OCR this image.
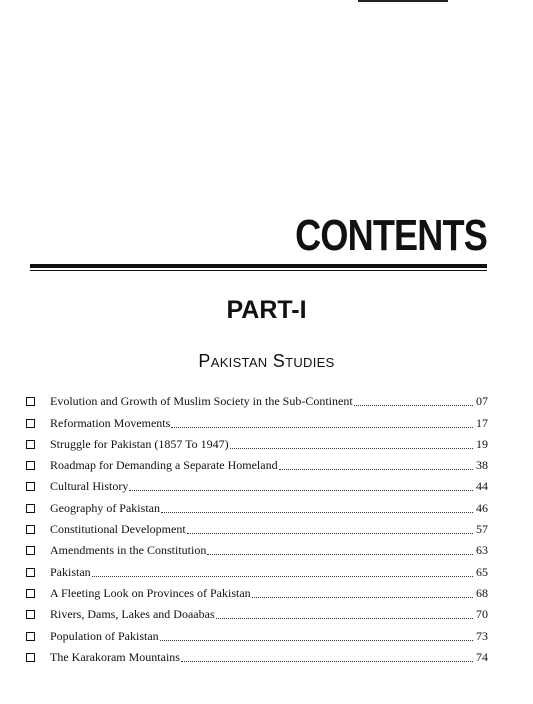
CONTENTS
PART-I
Pakistan Studies
Evolution and Growth of Muslim Society in the Sub-Continent	07
Reformation Movements	17
Struggle for Pakistan (1857 To 1947)	19
Roadmap for Demanding a Separate Homeland	38
Cultural History	44
Geography of Pakistan	46
Constitutional Development	57
Amendments in the Constitution	63
Pakistan	65
A Fleeting Look on Provinces of Pakistan	68
Rivers, Dams, Lakes and Doaabas	70
Population of Pakistan	73
The Karakoram Mountains	74
